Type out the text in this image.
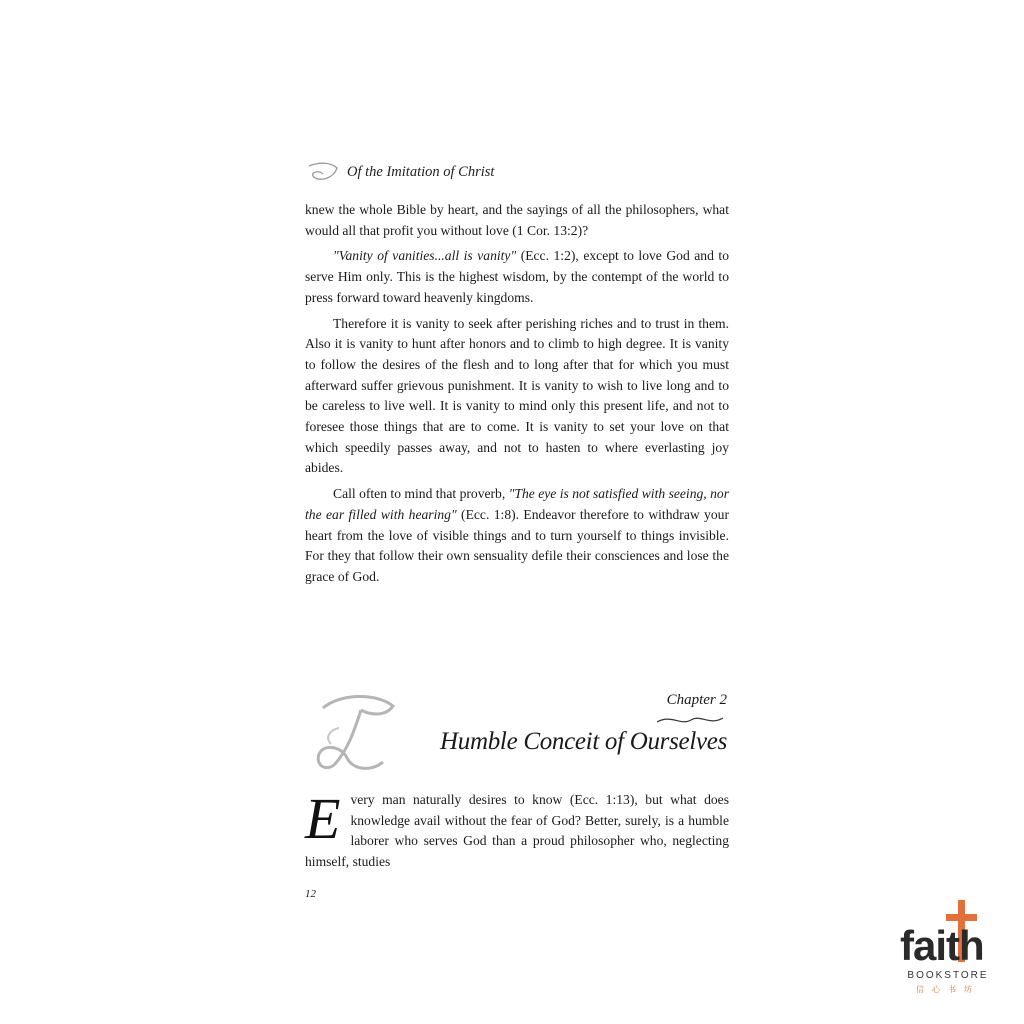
Of the Imitation of Christ

knew the whole Bible by heart, and the sayings of all the philosophers, what would all that profit you without love (1 Cor. 13:2)?

"Vanity of vanities...all is vanity" (Ecc. 1:2), except to love God and to serve Him only. This is the highest wisdom, by the contempt of the world to press forward toward heavenly kingdoms.

Therefore it is vanity to seek after perishing riches and to trust in them. Also it is vanity to hunt after honors and to climb to high degree. It is vanity to follow the desires of the flesh and to long after that for which you must afterward suffer grievous punishment. It is vanity to wish to live long and to be careless to live well. It is vanity to mind only this present life, and not to foresee those things that are to come. It is vanity to set your love on that which speedily passes away, and not to hasten to where everlasting joy abides.

Call often to mind that proverb, "The eye is not satisfied with seeing, nor the ear filled with hearing" (Ecc. 1:8). Endeavor therefore to withdraw your heart from the love of visible things and to turn yourself to things invisible. For they that follow their own sensuality defile their consciences and lose the grace of God.

Chapter 2
Humble Conceit of Ourselves
E very man naturally desires to know (Ecc. 1:13), but what does knowledge avail without the fear of God? Better, surely, is a humble laborer who serves God than a proud philosopher who, neglecting himself, studies
12
faith
BOOKSTORE
信心书坊
